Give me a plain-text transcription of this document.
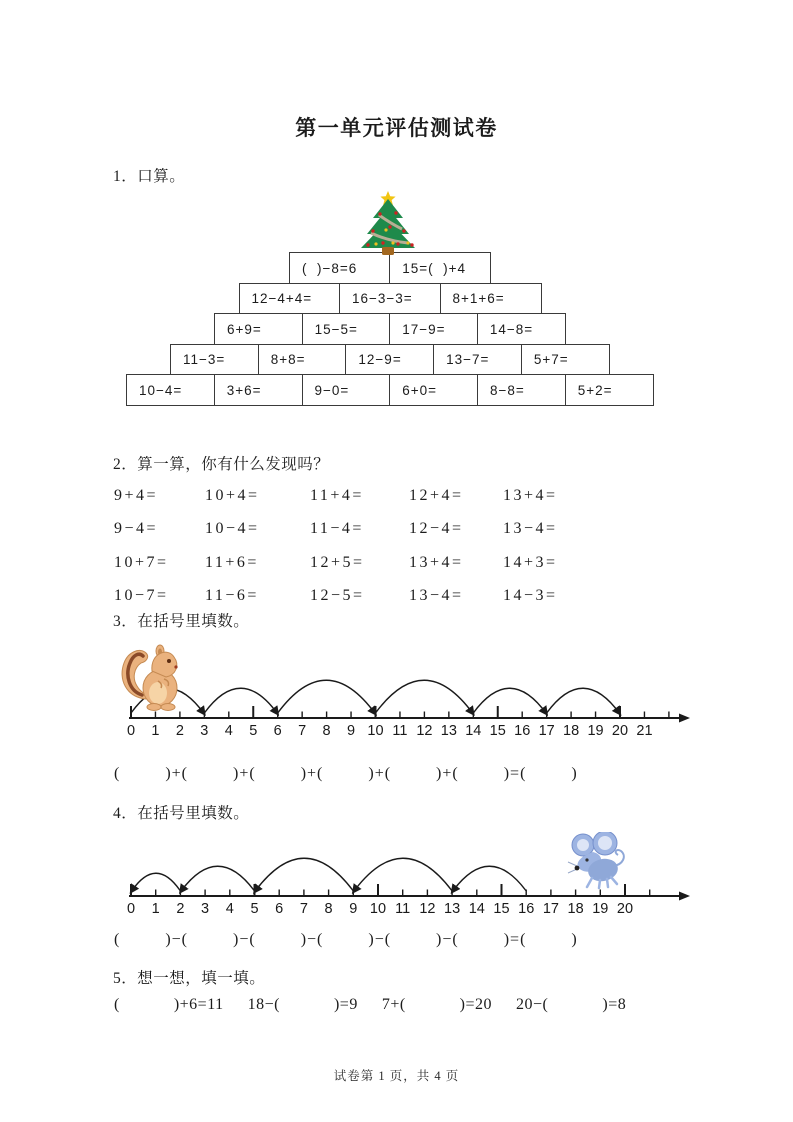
第一单元评估测试卷
1．口算。
(  )−8=6	15=(  )+4
12−4+4=	16−3−3=	8+1+6=
6+9=	15−5=	17−9=	14−8=
11−3=	8+8=	12−9=	13−7=	5+7=
10−4=	3+6=	9−0=	6+0=	8−8=	5+2=
2．算一算，你有什么发现吗？
9+4=	10+4=	11+4=	12+4=	13+4=
9−4=	10−4=	11−4=	12−4=	13−4=
10+7=	11+6=	12+5=	13+4=	14+3=
10−7=	11−6=	12−5=	13−4=	14−3=
3．在括号里填数。
0 1 2 3 4 5 6 7 8 9 10 11 12 13 14 15 16 17 18 19 20 21
(         )+(         )+(         )+(         )+(         )+(         )=(         )
4．在括号里填数。
0 1 2 3 4 5 6 7 8 9 10 11 12 13 14 15 16 17 18 19 20
(         )−(         )−(         )−(         )−(         )−(         )=(         )
5．想一想，填一填。
(            )+6=11 18−(            )=9 7+(            )=20 20−(            )=8
试卷第 1 页，共 4 页
